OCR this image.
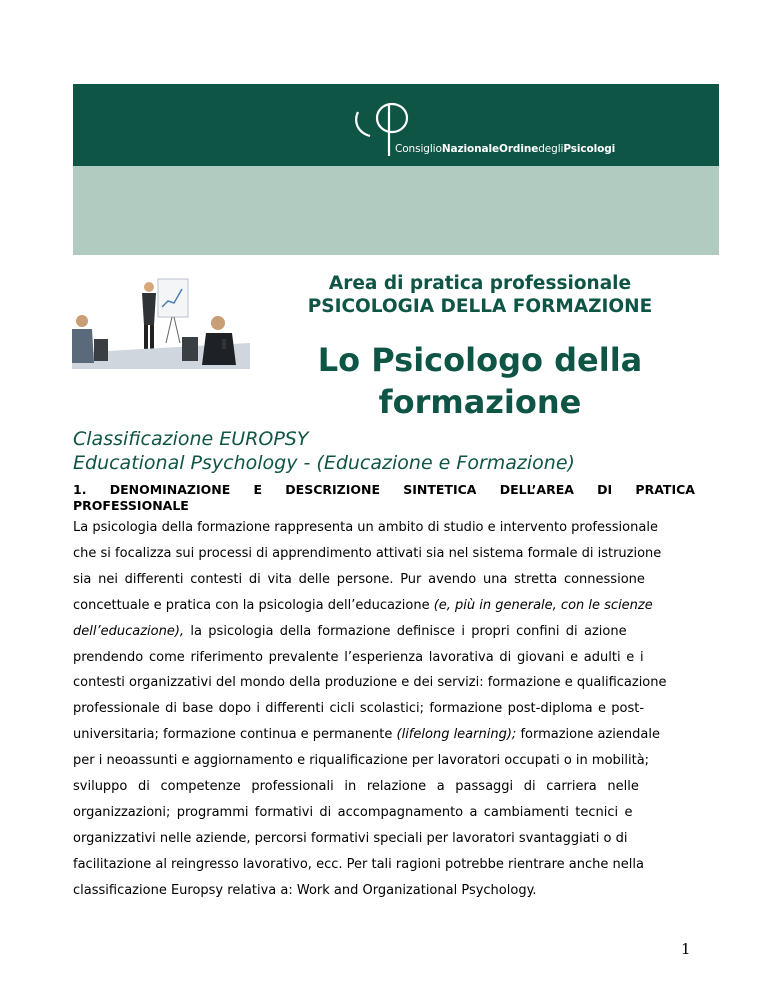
ConsiglioNazionaleOrdinedegliPsicologi
Area di pratica professionale
PSICOLOGIA DELLA FORMAZIONE
Lo Psicologo della
formazione
Classificazione EUROPSY
Educational Psychology - (Educazione e Formazione)
1. DENOMINAZIONE E DESCRIZIONE SINTETICA DELL’AREA DI PRATICA
PROFESSIONALE
La psicologia della formazione rappresenta un ambito di studio e intervento professionale
che si focalizza sui processi di apprendimento attivati sia nel sistema formale di istruzione
sia nei differenti contesti di vita delle persone. Pur avendo una stretta connessione
concettuale e pratica con la psicologia dell’educazione (e, più in generale, con le scienze
dell’educazione), la psicologia della formazione definisce i propri confini di azione
prendendo come riferimento prevalente l’esperienza lavorativa di giovani e adulti e i
contesti organizzativi del mondo della produzione e dei servizi: formazione e qualificazione
professionale di base dopo i differenti cicli scolastici; formazione post-diploma e post-
universitaria; formazione continua e permanente (lifelong learning); formazione aziendale
per i neoassunti e aggiornamento e riqualificazione per lavoratori occupati o in mobilità;
sviluppo di competenze professionali in relazione a passaggi di carriera nelle
organizzazioni; programmi formativi di accompagnamento a cambiamenti tecnici e
organizzativi nelle aziende, percorsi formativi speciali per lavoratori svantaggiati o di
facilitazione al reingresso lavorativo, ecc. Per tali ragioni potrebbe rientrare anche nella
classificazione Europsy relativa a: Work and Organizational Psychology.
1
